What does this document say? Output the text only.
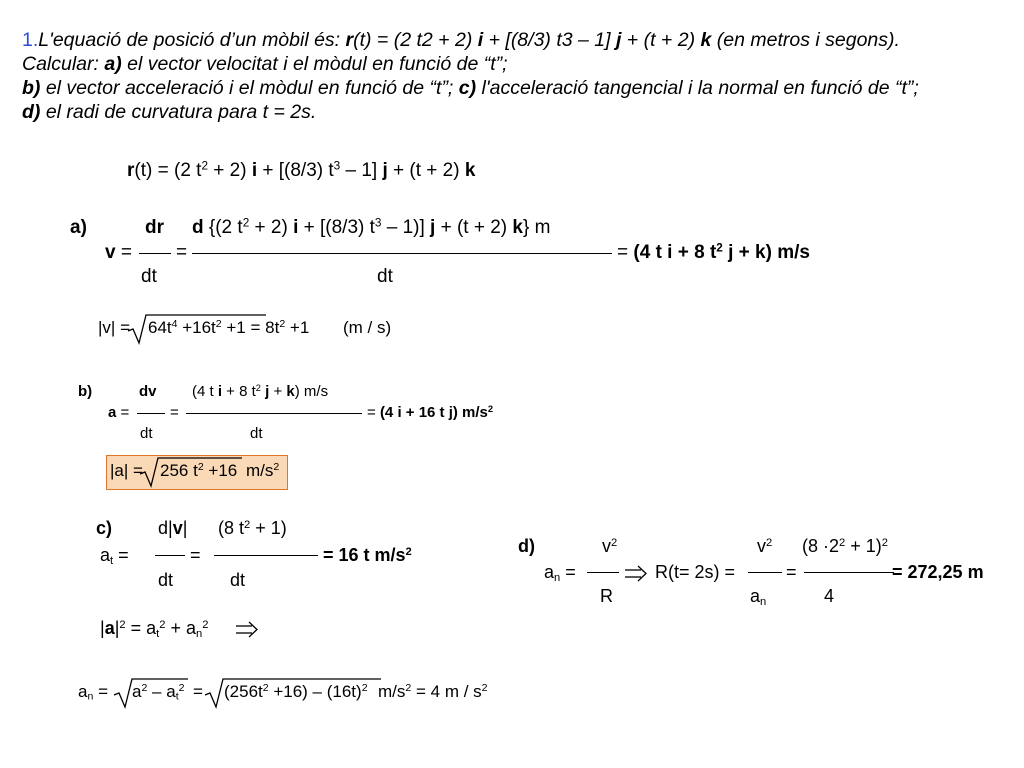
1.L'equació de posició d’un mòbil és: r(t) = (2 t2 + 2) i + [(8/3) t3 – 1] j + (t + 2) k (en metros i segons).
Calcular: a) el vector velocitat i el mòdul en funció de “t”;
b) el vector acceleració i el mòdul en funció de “t”; c) l'acceleració tangencial i la normal en funció de “t”;
d) el radi de curvatura para t = 2s.
r(t) = (2 $t^2 + 2$) i + [(8/3) $t^3 - 1$] j + (t + 2) k
a)	dr d {(2 $t^2 + 2$) i + [(8/3) $t^3 - 1$)] j + (t + 2) k} m
v = =	= (4 t i + 8 $t^2$ j + k) m/s
dt	dt
$|v| = 64t^4 +16t^2 +1 = 8t^2 +1$ (m / s)
b)	dv (4 t i + 8 $t^2$ j + k) m/s
a =	=	= (4 i + 16 t j) $m/s^2$
dt	dt
|a| = 256 $t^2 +16$ $m/s^2$
c)	d|v| (8 $t^2 + 1$)
$a_t$ =	=	= 16 t $m/s^2$
dt	dt
$|a|^2 = a_t^2 + a_n^2$
$a_n = a^2 - a_t^2 = (256t^2 +16) - (16t)^2$ $m/s^2 = 4$ m / $s^2$
d)	$v^2$	$v^2$ $(8 \cdot 2^2 + 1)^2$
$a_n$ =	R(t= 2s) =	=	= 272,25 m
R	$a_n$	4
